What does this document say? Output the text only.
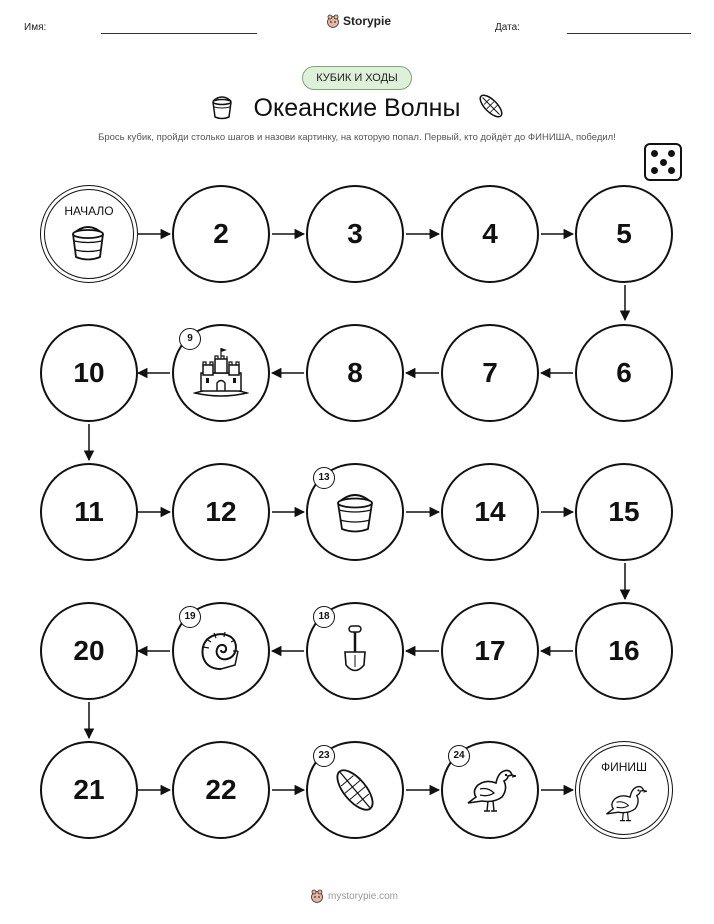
Имя:	Storypie	Дата:
КУБИК И ХОДЫ
Океанские Волны
Брось кубик, пройди столько шагов и назови картинку, на которую попал. Первый, кто дойдёт до ФИНИША, победил!
НАЧАЛО
2	3	4	5
10
9
8	7	6
11	12
13
14	15
20
19	18
17	16
21	22
23	24
ФИНИШ
mystorypie.com
